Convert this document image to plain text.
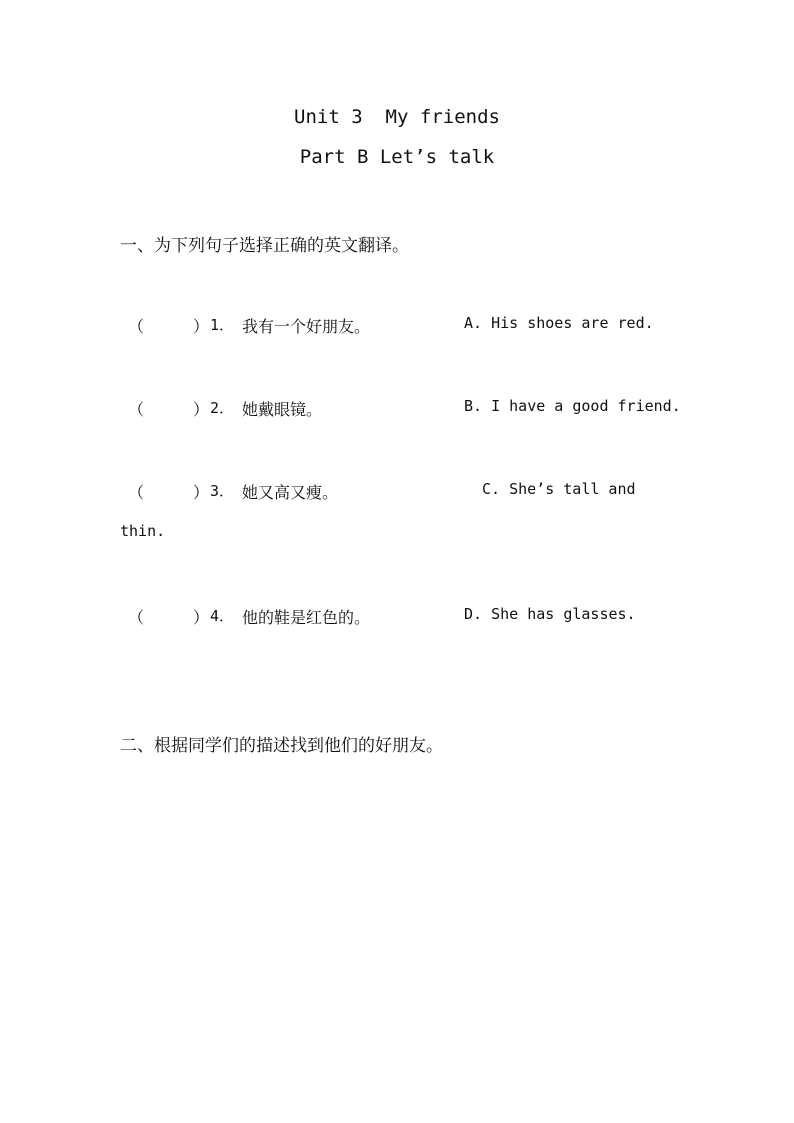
Unit 3  My friends
Part B Let’s talk
一、为下列句子选择正确的英文翻译。
（	） 1． 我有一个好朋友。	A. His shoes are red.
（	） 2． 她戴眼镜。	B. I have a good friend.
（	） 3． 她又高又瘦。	C. She’s tall and
thin.
（	） 4． 他的鞋是红色的。	D. She has glasses.
二、根据同学们的描述找到他们的好朋友。
